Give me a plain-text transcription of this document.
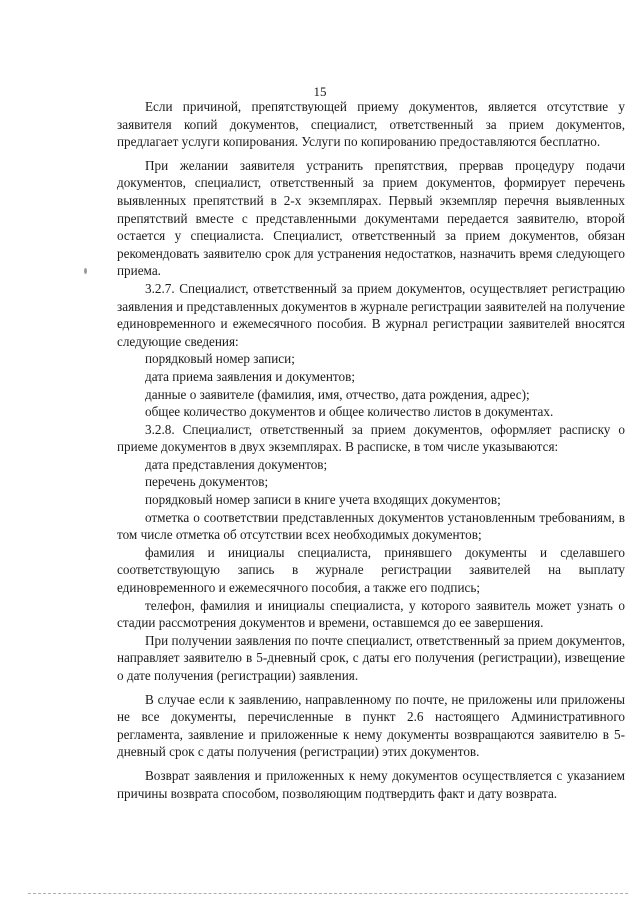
15

Если причиной, препятствующей приему документов, является отсутствие у заявителя копий документов, специалист, ответственный за прием документов, предлагает услуги копирования. Услуги по копированию предоставляются бесплатно.

При желании заявителя устранить препятствия, прервав процедуру подачи документов, специалист, ответственный за прием документов, формирует перечень выявленных препятствий в 2-х экземплярах. Первый экземпляр перечня выявленных препятствий вместе с представленными документами передается заявителю, второй остается у специалиста. Специалист, ответственный за прием документов, обязан рекомендовать заявителю срок для устранения недостатков, назначить время следующего приема.

3.2.7. Специалист, ответственный за прием документов, осуществляет регистрацию заявления и представленных документов в журнале регистрации заявителей на получение единовременного и ежемесячного пособия. В журнал регистрации заявителей вносятся следующие сведения:

порядковый номер записи;

дата приема заявления и документов;

данные о заявителе (фамилия, имя, отчество, дата рождения, адрес);

общее количество документов и общее количество листов в документах.

3.2.8. Специалист, ответственный за прием документов, оформляет расписку о приеме документов в двух экземплярах. В расписке, в том числе указываются:

дата представления документов;

перечень документов;

порядковый номер записи в книге учета входящих документов;

отметка о соответствии представленных документов установленным требованиям, в том числе отметка об отсутствии всех необходимых документов;

фамилия и инициалы специалиста, принявшего документы и сделавшего соответствующую запись в журнале регистрации заявителей на выплату единовременного и ежемесячного пособия, а также его подпись;

телефон, фамилия и инициалы специалиста, у которого заявитель может узнать о стадии рассмотрения документов и времени, оставшемся до ее завершения.

При получении заявления по почте специалист, ответственный за прием документов, направляет заявителю в 5-дневный срок, с даты его получения (регистрации), извещение о дате получения (регистрации) заявления.

В случае если к заявлению, направленному по почте, не приложены или приложены не все документы, перечисленные в пункт 2.6 настоящего Административного регламента, заявление и приложенные к нему документы возвращаются заявителю в 5-дневный срок с даты получения (регистрации) этих документов.

Возврат заявления и приложенных к нему документов осуществляется с указанием причины возврата способом, позволяющим подтвердить факт и дату возврата.
